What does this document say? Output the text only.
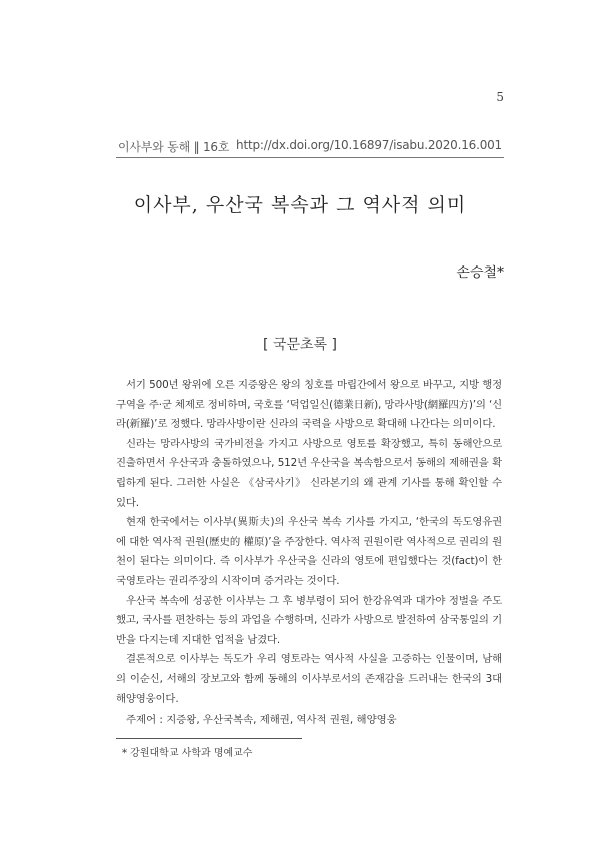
5
이사부와 동해 ‖ 16호 http://dx.doi.org/10.16897/isabu.2020.16.001
이사부, 우산국 복속과 그 역사적 의미
손승철*
[ 국문초록 ]

서기 500년 왕위에 오른 지증왕은 왕의 칭호를 마립간에서 왕으로 바꾸고, 지방 행정구역을 주·군 체제로 정비하며, 국호를 ‘덕업일신(德業日新), 망라사방(網羅四方)’의 ‘신라(新羅)’로 정했다. 망라사방이란 신라의 국력을 사방으로 확대해 나간다는 의미이다.

신라는 망라사방의 국가비전을 가지고 사방으로 영토를 확장했고, 특히 동해안으로 진출하면서 우산국과 충돌하였으나, 512년 우산국을 복속함으로서 동해의 제해권을 확립하게 된다. 그러한 사실은 《삼국사기》 신라본기의 왜 관계 기사를 통해 확인할 수 있다.

현재 한국에서는 이사부(異斯夫)의 우산국 복속 기사를 가지고, ‘한국의 독도영유권에 대한 역사적 권원(歷史的 權原)’을 주장한다. 역사적 권원이란 역사적으로 권리의 원천이 된다는 의미이다. 즉 이사부가 우산국을 신라의 영토에 편입했다는 것(fact)이 한국영토라는 권리주장의 시작이며 증거라는 것이다.

우산국 복속에 성공한 이사부는 그 후 병부령이 되어 한강유역과 대가야 정벌을 주도했고, 국사를 편찬하는 등의 과업을 수행하며, 신라가 사방으로 발전하여 삼국통일의 기반을 다지는데 지대한 업적을 남겼다.

결론적으로 이사부는 독도가 우리 영토라는 역사적 사실을 고증하는 인물이며, 남해의 이순신, 서해의 장보고와 함께 동해의 이사부로서의 존재감을 드러내는 한국의 3대 해양영웅이다.

주제어 : 지증왕, 우산국복속, 제해권, 역사적 권원, 해양영웅
* 강원대학교 사학과 명예교수
